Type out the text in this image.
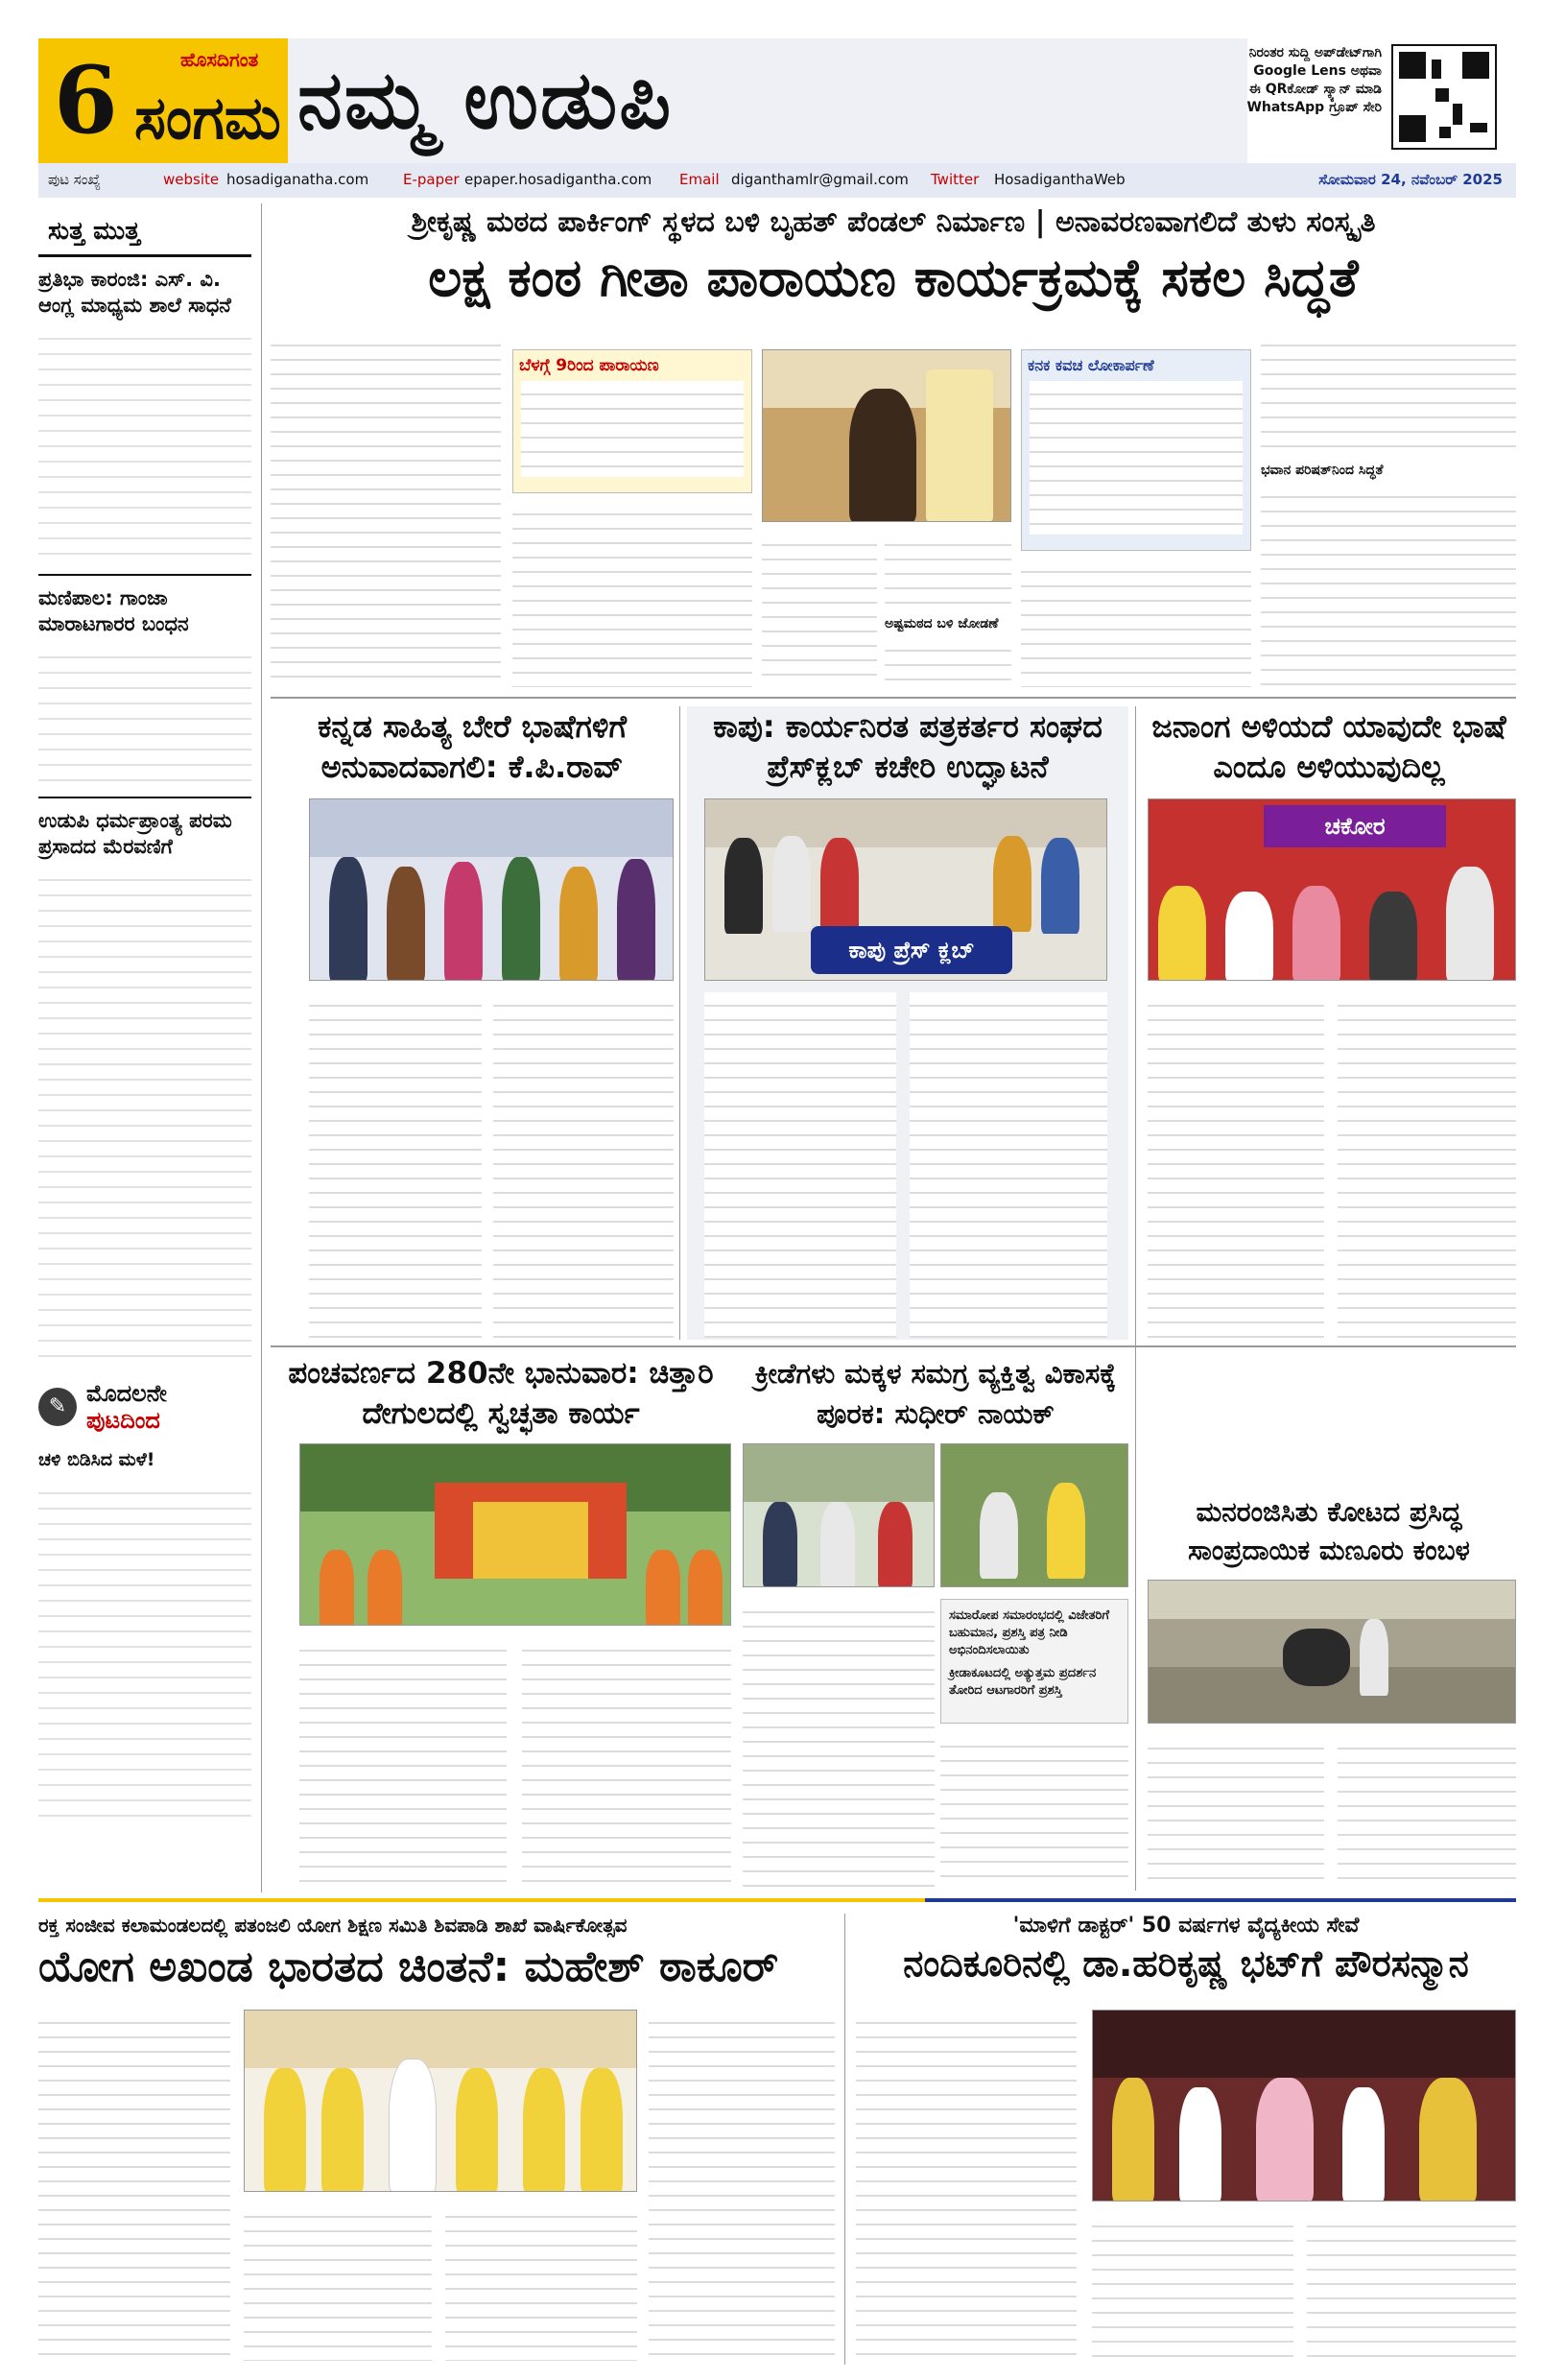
6	ಹೊಸದಿಗಂತ
ಸಂಗಮ ನಮ್ಮ ಉಡುಪಿ	ನಿರಂತರ ಸುದ್ದಿ ಅಪ್‌ಡೇಟ್‌ಗಾಗಿ
Google Lens ಅಥವಾ
ಈ QRಕೋಡ್ ಸ್ಕ್ಯಾನ್ ಮಾಡಿ
WhatsApp ಗ್ರೂಪ್ ಸೇರಿ
ಪುಟ ಸಂಖ್ಯೆ	website hosadiganatha.com E-paper epaper.hosadigantha.com Email diganthamlr@gmail.com Twitter HosadiganthaWeb	ಸೋಮವಾರ 24, ನವೆಂಬರ್ 2025
ಸುತ್ತ ಮುತ್ತ
ಪ್ರತಿಭಾ ಕಾರಂಜಿ: ಎಸ್. ವಿ. ಆಂಗ್ಲ ಮಾಧ್ಯಮ ಶಾಲೆ ಸಾಧನೆ
ಮಣಿಪಾಲ: ಗಾಂಜಾ ಮಾರಾಟಗಾರರ ಬಂಧನ
ಉಡುಪಿ ಧರ್ಮಪ್ರಾಂತ್ಯ ಪರಮ ಪ್ರಸಾದದ ಮೆರವಣಿಗೆ
✎ ಮೊದಲನೇ
ಪುಟದಿಂದ
ಚಳಿ ಬಿಡಿಸಿದ ಮಳೆ!
ಶ್ರೀಕೃಷ್ಣ ಮಠದ ಪಾರ್ಕಿಂಗ್ ಸ್ಥಳದ ಬಳಿ ಬೃಹತ್ ಪೆಂಡಲ್ ನಿರ್ಮಾಣ | ಅನಾವರಣವಾಗಲಿದೆ ತುಳು ಸಂಸ್ಕೃತಿ
ಲಕ್ಷ ಕಂಠ ಗೀತಾ ಪಾರಾಯಣ ಕಾರ್ಯಕ್ರಮಕ್ಕೆ ಸಕಲ ಸಿದ್ಧತೆ
ಬೆಳಗ್ಗೆ 9ರಿಂದ ಪಾರಾಯಣ
ಅಷ್ಟಮಠದ ಬಳಿ ಜೋಡಣೆ
ಕನಕ ಕವಚ ಲೋಕಾರ್ಪಣೆ
ಭವಾನ ಪರಿಷತ್‌ನಿಂದ ಸಿದ್ಧತೆ
ಕನ್ನಡ ಸಾಹಿತ್ಯ ಬೇರೆ ಭಾಷೆಗಳಿಗೆ ಅನುವಾದವಾಗಲಿ: ಕೆ.ಪಿ.ರಾವ್
ಕಾಪು: ಕಾರ್ಯನಿರತ ಪತ್ರಕರ್ತರ ಸಂಘದ ಪ್ರೆಸ್‌ಕ್ಲಬ್ ಕಚೇರಿ ಉದ್ಘಾಟನೆ
ಕಾಪು ಪ್ರೆಸ್ ಕ್ಲಬ್
ಜನಾಂಗ ಅಳಿಯದೆ ಯಾವುದೇ ಭಾಷೆ ಎಂದೂ ಅಳಿಯುವುದಿಲ್ಲ
ಚಕೋರ
ಪಂಚವರ್ಣದ 280ನೇ ಭಾನುವಾರ: ಚಿತ್ತಾರಿ ದೇಗುಲದಲ್ಲಿ ಸ್ವಚ್ಛತಾ ಕಾರ್ಯ
ಕ್ರೀಡೆಗಳು ಮಕ್ಕಳ ಸಮಗ್ರ ವ್ಯಕ್ತಿತ್ವ ವಿಕಾಸಕ್ಕೆ ಪೂರಕ: ಸುಧೀರ್ ನಾಯಕ್
ಸಮಾರೋಪ ಸಮಾರಂಭದಲ್ಲಿ ವಿಜೇತರಿಗೆ ಬಹುಮಾನ, ಪ್ರಶಸ್ತಿ ಪತ್ರ ನೀಡಿ ಅಭಿನಂದಿಸಲಾಯಿತು
ಕ್ರೀಡಾಕೂಟದಲ್ಲಿ ಅತ್ಯುತ್ತಮ ಪ್ರದರ್ಶನ ತೋರಿದ ಆಟಗಾರರಿಗೆ ಪ್ರಶಸ್ತಿ
ಮನರಂಜಿಸಿತು ಕೋಟದ ಪ್ರಸಿದ್ಧ ಸಾಂಪ್ರದಾಯಿಕ ಮಣೂರು ಕಂಬಳ
ರಕ್ತ ಸಂಜೀವ ಕಲಾಮಂಡಲದಲ್ಲಿ ಪತಂಜಲಿ ಯೋಗ ಶಿಕ್ಷಣ ಸಮಿತಿ ಶಿವಪಾಡಿ ಶಾಖೆ ವಾರ್ಷಿಕೋತ್ಸವ
ಯೋಗ ಅಖಂಡ ಭಾರತದ ಚಿಂತನೆ: ಮಹೇಶ್ ಠಾಕೂರ್
'ಮಾಳಿಗೆ ಡಾಕ್ಟರ್' 50 ವರ್ಷಗಳ ವೈದ್ಯಕೀಯ ಸೇವೆ
ನಂದಿಕೂರಿನಲ್ಲಿ ಡಾ.ಹರಿಕೃಷ್ಣ ಭಟ್‌ಗೆ ಪೌರಸನ್ಮಾನ
